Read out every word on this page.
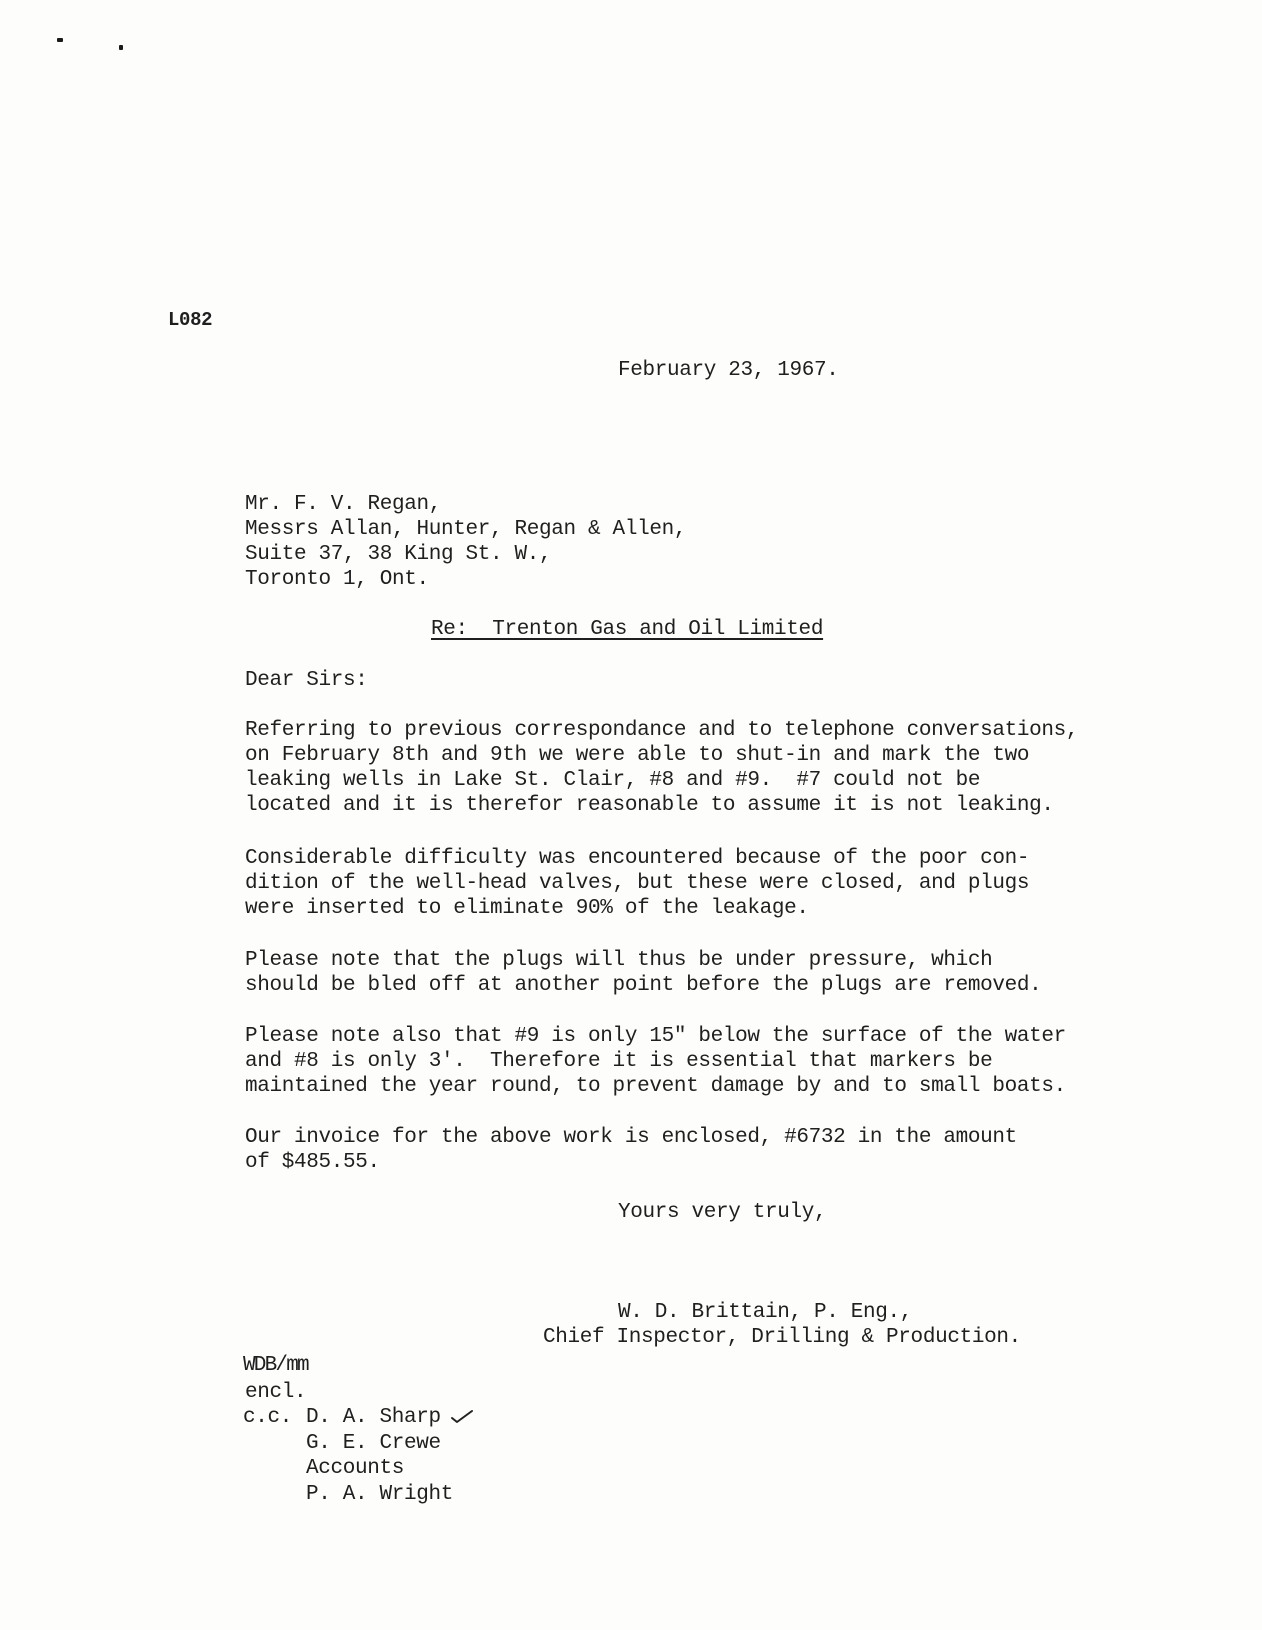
L082

February 23, 1967.

Mr. F. V. Regan,

Messrs Allan, Hunter, Regan & Allen,

Suite 37, 38 King St. W.,

Toronto 1, Ont.

Re:  Trenton Gas and Oil Limited

Dear Sirs:

Referring to previous correspondance and to telephone conversations,
on February 8th and 9th we were able to shut-in and mark the two
leaking wells in Lake St. Clair, #8 and #9.  #7 could not be
located and it is therefor reasonable to assume it is not leaking.

Considerable difficulty was encountered because of the poor con-
dition of the well-head valves, but these were closed, and plugs
were inserted to eliminate 90% of the leakage.

Please note that the plugs will thus be under pressure, which
should be bled off at another point before the plugs are removed.

Please note also that #9 is only 15" below the surface of the water
and #8 is only 3'.  Therefore it is essential that markers be
maintained the year round, to prevent damage by and to small boats.

Our invoice for the above work is enclosed, #6732 in the amount
of $485.55.

Yours very truly,

W. D. Brittain, P. Eng.,

Chief Inspector, Drilling & Production.

WDB/mm

encl.

c.c. D. A. Sharp

G. E. Crewe

Accounts

P. A. Wright
